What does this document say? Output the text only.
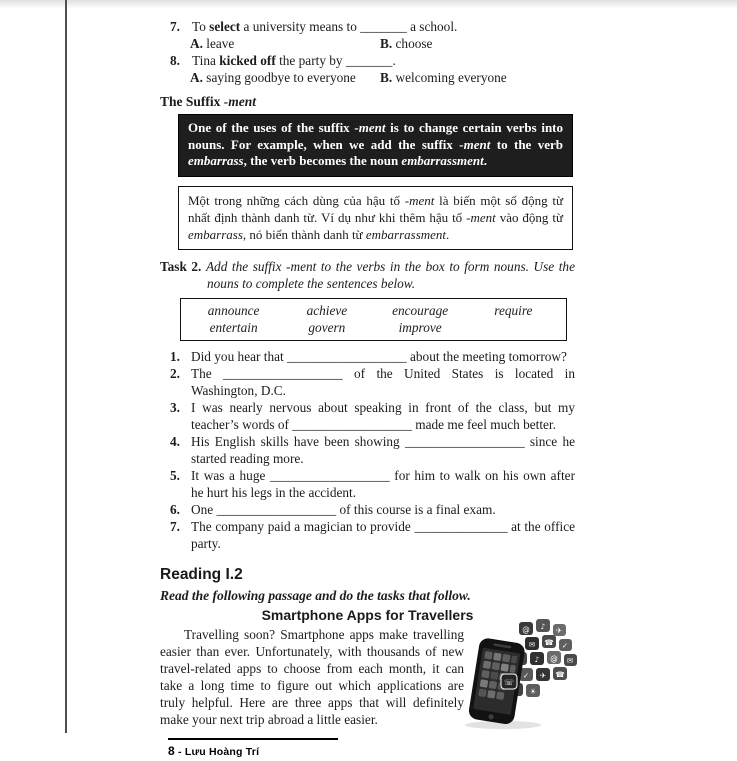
7. To select a university means to _______ a school.
A. leave	B. choose
8. Tina kicked off the party by _______.
A. saying goodbye to everyone	B. welcoming everyone
The Suffix -ment
One of the uses of the suffix -ment is to change certain verbs into nouns. For example, when we add the suffix -ment to the verb embarrass, the verb becomes the noun embarrassment.
Một trong những cách dùng của hậu tố -ment là biến một số động từ nhất định thành danh từ. Ví dụ như khi thêm hậu tố -ment vào động từ embarrass, nó biến thành danh từ embarrassment.
Task 2. Add the suffix -ment to the verbs in the box to form nouns. Use the nouns to complete the sentences below.
announce	achieve	encourage	require
entertain	govern	improve
1. Did you hear that __________________ about the meeting tomorrow?
2. The __________________ of the United States is located in Washington, D.C.
3. I was nearly nervous about speaking in front of the class, but my teacher’s words of __________________ made me feel much better.
4. His English skills have been showing __________________ since he started reading more.
5. It was a huge __________________ for him to walk on his own after he hurt his legs in the accident.
6. One __________________ of this course is a final exam.
7. The company paid a magician to provide ______________ at the office party.
Reading I.2
Read the following passage and do the tasks that follow.
Smartphone Apps for Travellers
Travelling soon? Smartphone apps make travelling easier than ever. Unfortunately, with thousands of new travel-related apps to choose from each month, it can take a long time to figure out which applications are truly helpful. Here are three apps that will definitely make your next trip abroad a little easier.
@ ♪ ✈
✉ ☎ ✓
♪ @ ✉
✓ ✈ ☎
☀
☏
8 - Lưu Hoàng Trí
